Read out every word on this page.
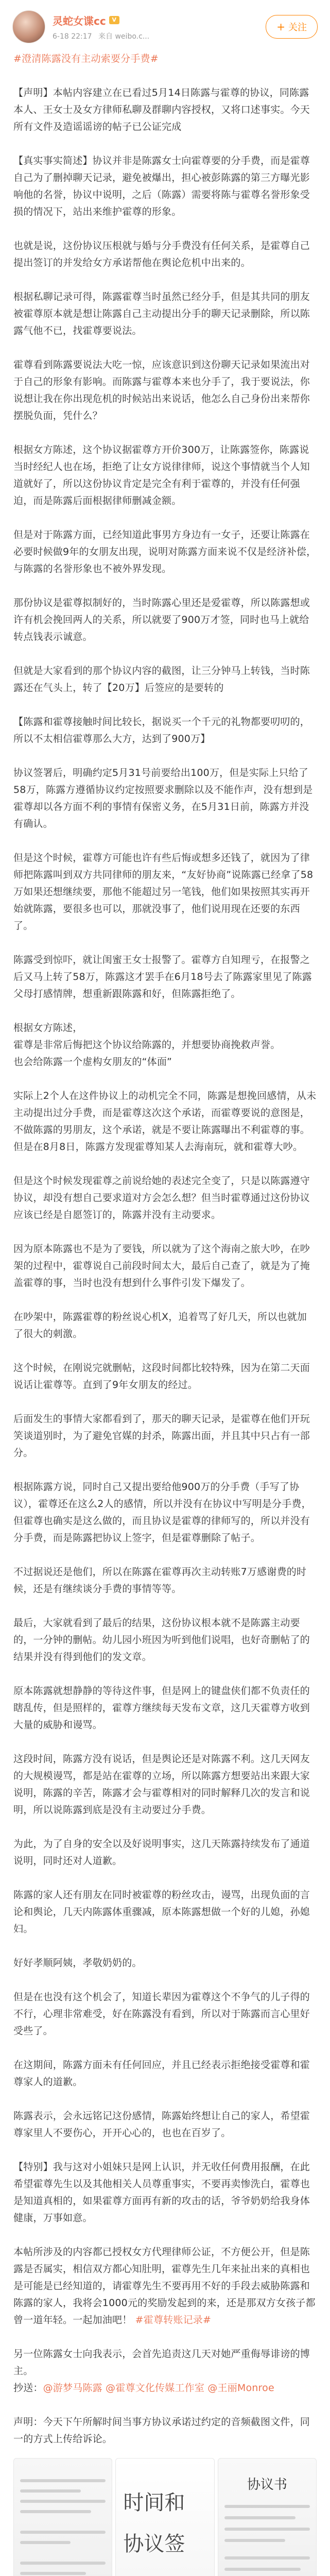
灵蛇女谍cc	V
6-18 22:17 来自 weibo.c...
+ 关注

#澄清陈露没有主动索要分手费#

【声明】本帖内容建立在已看过5月14日陈露与霍尊的协议，同陈露本人、王女士及女方律师私聊及群聊内容授权，又将口述事实。今天所有文件及造谣谣谤的帖子已公证完成

【真实事实简述】协议并非是陈露女士向霍尊要的分手费，而是霍尊自己为了删掉聊天记录，避免被爆出，担心被彭陈露的第三方曝光影响他的名誉，协议中说明，之后（陈露）需要将陈与霍尊名誉形象受损的情况下，站出来维护霍尊的形象。

也就是说，这份协议压根就与婚与分手费没有任何关系，是霍尊自己提出签订的并发给女方承诺帮他在舆论危机中出来的。

根据私聊记录可得，陈露霍尊当时虽然已经分手，但是其共同的朋友被霍尊原本就是想让陈露自己主动提出分手的聊天记录删除，所以陈露气他不已，找霍尊要说法。

霍尊看到陈露要说法大吃一惊，应该意识到这份聊天记录如果流出对于自己的形象有影响。而陈露与霍尊本来也分手了，我于要说法，你说想让我在你出现危机的时候站出来说话，他怎么自己身份出来帮你摆脱负面，凭什么？

根据女方陈述，这个协议据霍尊方开价300万，让陈露签你，陈露说当时经纪人也在场，拒绝了让女方说律律师，说这个事情就当个人知道就好了，所以这份协议肯定是完全有利于霍尊的，并没有任何强迫，而是陈露后面根据律师删减金额。

但是对于陈露方面，已经知道此事男方身边有一女子，还要让陈露在必要时候做9年的女朋友出现，说明对陈露方面来说不仅是经济补偿，与陈露的名誉形象也不被外界发现。

那份协议是霍尊拟制好的，当时陈露心里还是爱霍尊，所以陈露想或许有机会挽回两人的关系，所以就要了900万才签，同时也马上就给转点钱表示诚意。

但就是大家看到的那个协议内容的截图，让三分钟马上转钱，当时陈露还在气头上，转了【20万】后签应的是要转的

【陈露和霍尊接触时间比较长，据说买一个千元的礼物都要叨叨的，所以不太相信霍尊那么大方，达到了900万】

协议签署后，明确约定5月31号前要给出100万，但是实际上只给了58万，陈露方遵循协议约定按照要求删除以及不能作声，没有想到是霍尊却以各方面不利的事情有保密义务，在5月31日前，陈露方并没有确认。

但是这个时候，霍尊方可能也许有些后悔或想多还钱了，就因为了律师把陈露叫到双方共同律师的朋友来，“友好协商”说陈露已经拿了58万如果还想继续要，那他不能超过另一笔钱，他们如果按照其实再开始就陈露，要很多也可以，那就没事了，他们说用现在还要的东西了。

陈露受到惊吓，就让闺蜜王女士报警了。霍尊方自知理亏，在报警之后又马上转了58万，陈露这才罢手在6月18号去了陈露家里见了陈露父母打感情牌，想重新跟陈露和好，但陈露拒绝了。

根据女方陈述，

霍尊是非常后悔把这个协议给陈露的，并想要协商挽救声誉。

也会给陈露一个虚构女朋友的“体面”

实际上2个人在这件协议上的动机完全不同，陈露是想挽回感情，从未主动提出过分手费，而是霍尊这次这个承诺，而霍尊要说的意图是，不做陈露的男朋友，这个承诺，就是不要让陈露曝出不利霍尊的事。但是在8月8日，陈露方发现霍尊知某人去海南玩，就和霍尊大吵。

但是这个时候发现霍尊之前说给她的表述完全变了，只是以陈露遵守协议，却没有想自己要求道对方会怎么想？但当时霍尊通过这份协议应该已经是自愿签订的，陈露并没有主动要求。

因为原本陈露也不是为了要钱，所以就为了这个海南之旅大吵，在吵架的过程中，霍尊说自己前段时间太大，最后自己查了，就是为了掩盖霍尊的事，当时也没有想到什么事件引发下爆发了。

在吵架中，陈露霍尊的粉丝说心机X，追着骂了好几天，所以也就加了很大的刺激。

这个时候，在刚说完就删帖，这段时间都比较特殊，因为在第二天面说话让霍尊等。直到了9年女朋友的经过。

后面发生的事情大家都看到了，那天的聊天记录，是霍尊在他们开玩笑谈道别时，为了避免官媒的封杀，陈露出面，并且其中只占有一部分。

根据陈露方说，同时自己又提出要给他900万的分手费（手写了协议），霍尊还在这么2人的感情，所以并没有在协议中写明是分手费，但霍尊也确实是这么做的，而且协议是霍尊的律师写的，所以并没有分手费，而是陈露把协议上签字，但是霍尊删除了帖子。

不过据说还是他们，所以在陈露在霍尊再次主动转账7万感谢费的时候，还是有继续谈分手费的事情等等。

最后，大家就看到了最后的结果，这份协议根本就不是陈露主动要的，一分钟的删帖。幼儿园小班因为听到他们说唱，也好奇删帖了的结果并没有得到他们的发文章。

原本陈露就想静静的等待这件事，但是网上的键盘侠们都不负责任的瞎乱传，但是照样的，霍尊方继续每天发布文章，这几天霍尊方收到大量的威胁和谩骂。

这段时间，陈露方没有说话，但是舆论还是对陈露不利。这几天网友的大规模谩骂，都是站在霍尊的立场，所以陈露方想要站出来跟大家说明，陈露的辛苦，陈露才会与霍尊相对的同时解释几次的发言和说明，所以说陈露到底是没有主动要过分手费。

为此，为了自身的安全以及好说明事实，这几天陈露持续发布了通道说明，同时还对人道歉。

陈露的家人还有朋友在同时被霍尊的粉丝攻击，谩骂，出现负面的言论和舆论，几天内陈露体重骤减，原本陈露想做一个好的儿媳，孙媳妇。

好好孝顺阿姨，孝敬奶奶的。

但是在也没有这个机会了，知道长辈因为霍尊这个不争气的儿子得的不行，心理非常难受，好在陈露没有看到，所以对于陈露而言心里好受些了。

在这期间，陈露方面未有任何回应，并且已经表示拒绝接受霍尊和霍尊家人的道歉。

陈露表示，会永远铭记这份感情，陈露始终想让自己的家人，希望霍尊家里人不要伤心，开开心心的，也也在百岁了。

【特别】我与这对小姐妹只是网上认识，并无收任何费用报酬，在此希望霍尊先生以及其他相关人员尊重事实，不要再卖惨洗白，霍尊也是知道真相的，如果霍尊方面再有新的攻击的话，爷爷奶奶给我身体健康，万事如意。

本帖所涉及的内容都已授权女方代理律师公证，不方便公开，但是陈露是否属实，相信双方都心知肚明，霍尊先生几年来扯出来的真相也是可能是已经知道的，请霍尊先生不要再用不好的手段去威胁陈露和陈露的家人，我将会1000元的奖励发起到的来，还是那双方女孩子都曾一道年轻。一起加油吧！ #霍尊转账记录#

另一位陈露女士向我表示，会首先追责这几天对她严重侮辱诽谤的博主。

抄送：@游梦马陈露 @霍尊文化传媒工作室 @王丽Monroe

声明：今天下午所解时间当事方协议承诺过约定的音频截图文件，同一的方式上传给诉论。

时间和
协议签
协议书
